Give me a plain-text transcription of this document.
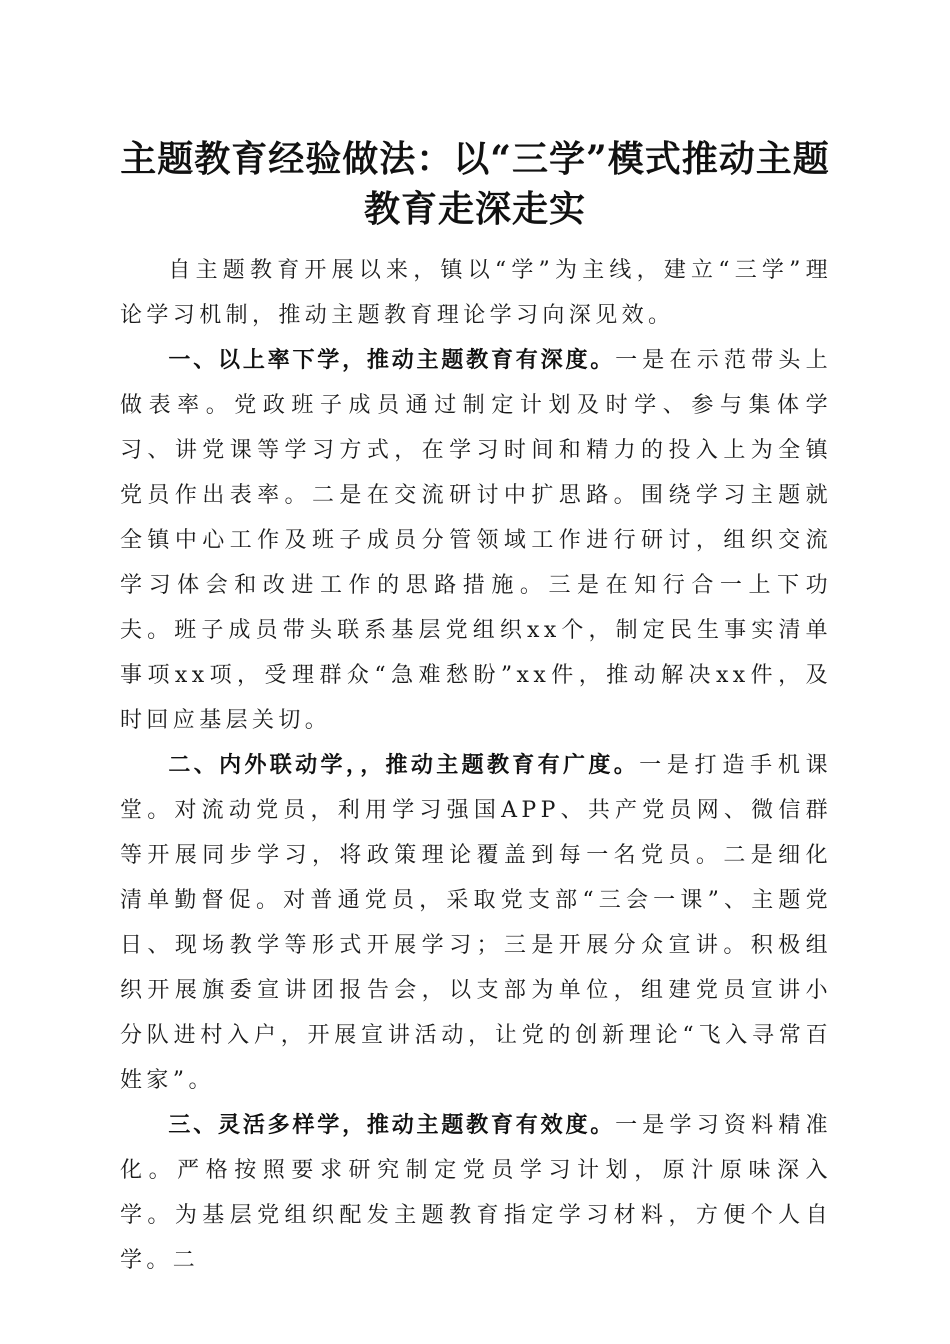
主题教育经验做法：以“三学”模式推动主题
教育走深走实

自主题教育开展以来，镇以“学”为主线，建立“三学”理论学习机制，推动主题教育理论学习向深见效。

一、以上率下学，推动主题教育有深度。一是在示范带头上做表率。党政班子成员通过制定计划及时学、参与集体学习、讲党课等学习方式，在学习时间和精力的投入上为全镇党员作出表率。二是在交流研讨中扩思路。围绕学习主题就全镇中心工作及班子成员分管领域工作进行研讨，组织交流学习体会和改进工作的思路措施。三是在知行合一上下功夫。班子成员带头联系基层党组织xx个，制定民生事实清单事项xx项，受理群众“急难愁盼”xx件，推动解决xx件，及时回应基层关切。

二、内外联动学，，推动主题教育有广度。一是打造手机课堂。对流动党员，利用学习强国APP、共产党员网、微信群等开展同步学习，将政策理论覆盖到每一名党员。二是细化清单勤督促。对普通党员，采取党支部“三会一课”、主题党日、现场教学等形式开展学习；三是开展分众宣讲。积极组织开展旗委宣讲团报告会，以支部为单位，组建党员宣讲小分队进村入户，开展宣讲活动，让党的创新理论“飞入寻常百姓家”。

三、灵活多样学，推动主题教育有效度。一是学习资料精准化。严格按照要求研究制定党员学习计划，原汁原味深入学。为基层党组织配发主题教育指定学习材料，方便个人自学。二
